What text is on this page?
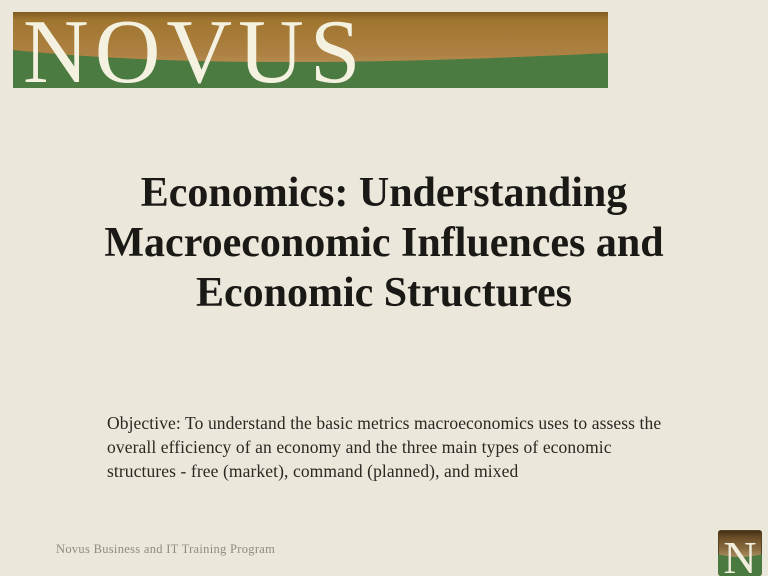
NOVUS
Economics: Understanding
Macroeconomic Influences and
Economic Structures
Objective: To understand the basic metrics macroeconomics uses to assess the overall efficiency of an economy and the three main types of economic structures - free (market), command (planned), and mixed
Novus Business and IT Training Program	N
